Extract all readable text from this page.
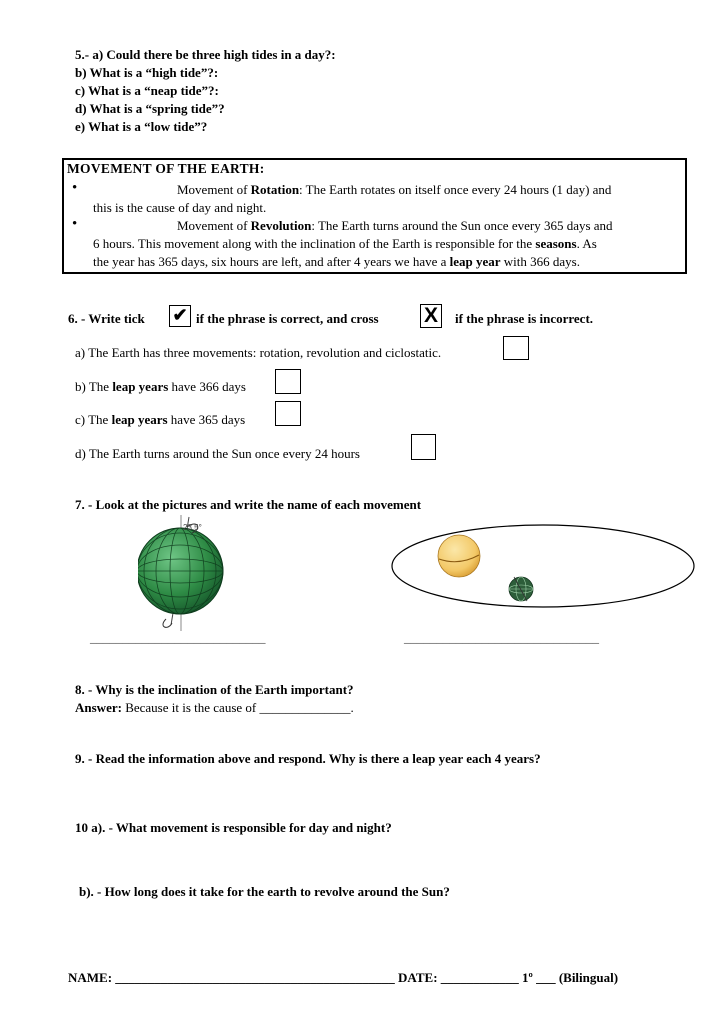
5.- a) Could there be three high tides in a day?:
b) What is a “high tide”?:
c) What is a “neap tide”?:
d) What is a “spring tide”?
e) What is a “low tide”?
MOVEMENT OF THE EARTH:
•	Movement of Rotation: The Earth rotates on itself once every 24 hours (1 day) and
this is the cause of day and night.
•	Movement of Revolution: The Earth turns around the Sun once every 365 days and
6 hours. This movement along with the inclination of the Earth is responsible for the seasons. As
the year has 365 days, six hours are left, and after 4 years we have a leap year with 366 days.
6. - Write tick ✔ if the phrase is correct, and cross X	if the phrase is incorrect.
a) The Earth has three movements: rotation, revolution and ciclostatic.
b) The leap years have 366 days
c) The leap years have 365 days
d) The Earth turns around the Sun once every 24 hours
7. - Look at the pictures and write the name of each movement
23.5°
___________________________	______________________________
8. - Why is the inclination of the Earth important?
Answer: Because it is the cause of ______________.
9. - Read the information above and respond. Why is there a leap year each 4 years?
10 a). - What movement is responsible for day and night?
b). - How long does it take for the earth to revolve around the Sun?
NAME: ___________________________________________ DATE: ____________ 1º ___ (Bilingual)
